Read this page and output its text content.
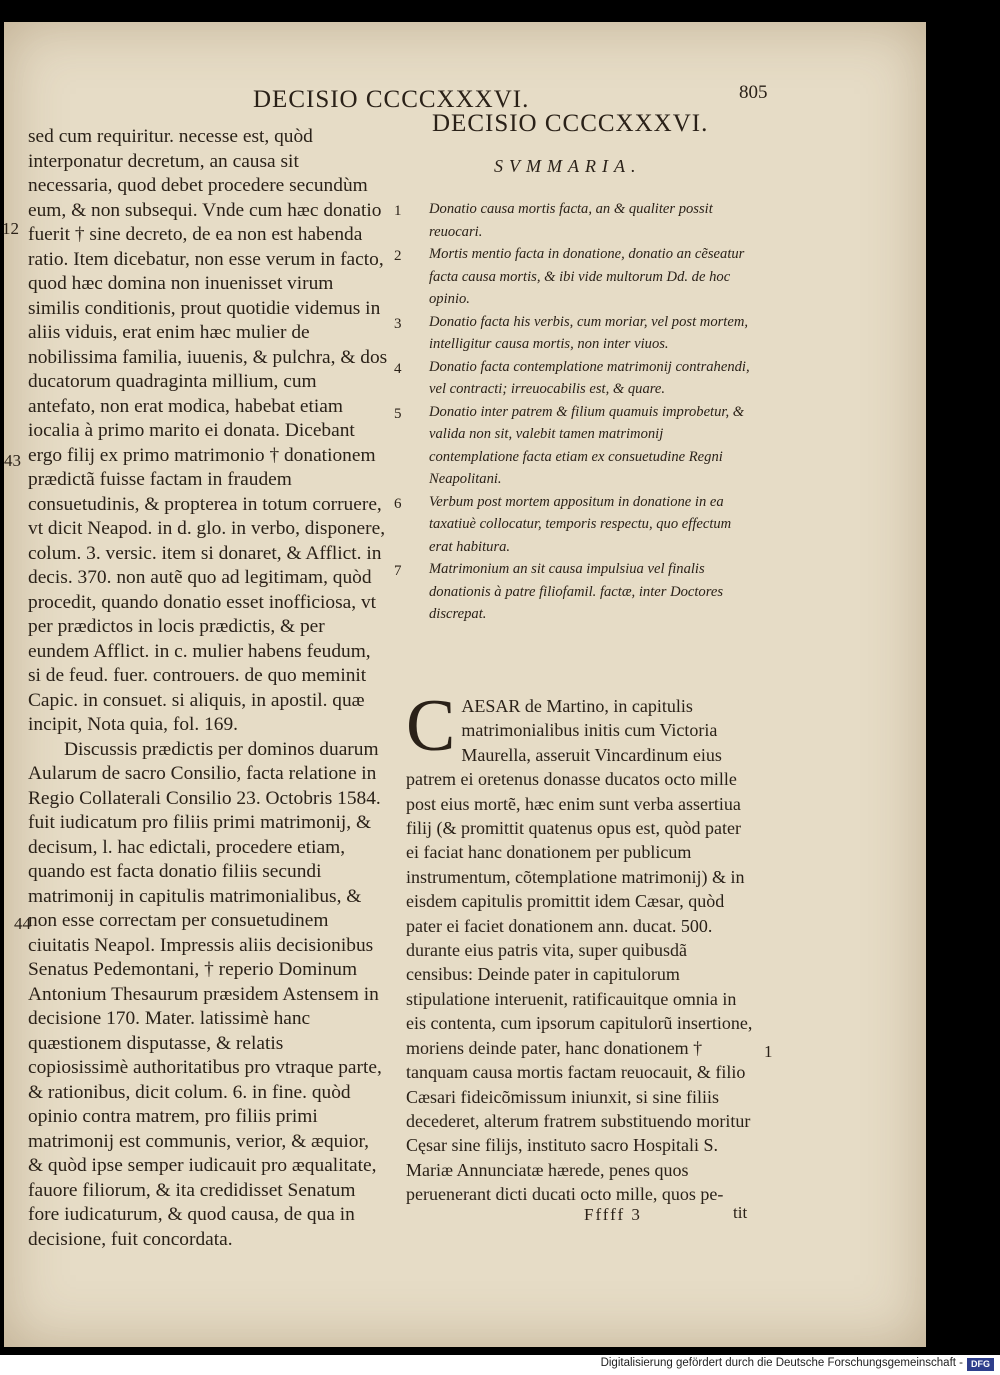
DECISIO CCCCXXXVI.
DECISIO CCCCXXXVI.
805

sed cum requiritur. necesse est, quòd interponatur decretum, an causa sit necessaria, quod debet procedere secundùm eum, & non subsequi. Vnde cum hæc donatio fuerit † sine decreto, de ea non est habenda ratio. Item dicebatur, non esse verum in facto, quod hæc domina non inuenisset virum similis conditionis, prout quotidie videmus in aliis viduis, erat enim hæc mulier de nobilissima familia, iuuenis, & pulchra, & dos ducatorum quadraginta millium, cum antefato, non erat modica, habebat etiam iocalia à primo marito ei donata. Dicebant ergo filij ex primo matrimonio † donationem prædictã fuisse factam in fraudem consuetudinis, & propterea in totum corruere, vt dicit Neapod. in d. glo. in verbo, disponere, colum. 3. versic. item si donaret, & Afflict. in decis. 370. non autẽ quo ad legitimam, quòd procedit, quando donatio esset inofficiosa, vt per prædictos in locis prædictis, & per eundem Afflict. in c. mulier habens feudum, si de feud. fuer. controuers. de quo meminit Capic. in consuet. si aliquis, in apostil. quæ incipit, Nota quia, fol. 169.

Discussis prædictis per dominos duarum Aularum de sacro Consilio, facta relatione in Regio Collaterali Consilio 23. Octobris 1584. fuit iudicatum pro filiis primi matrimonij, & decisum, l. hac edictali, procedere etiam, quando est facta donatio filiis secundi matrimonij in capitulis matrimonialibus, & non esse correctam per consuetudinem ciuitatis Neapol. Impressis aliis decisionibus Senatus Pedemontani, † reperio Dominum Antonium Thesaurum præsidem Astensem in decisione 170. Mater. latissimè hanc quæstionem disputasse, & relatis copiosissimè authoritatibus pro vtraque parte, & rationibus, dicit colum. 6. in fine. quòd opinio contra matrem, pro filiis primi matrimonij est communis, verior, & æquior, & quòd ipse semper iudicauit pro æqualitate, fauore filiorum, & ita credidisset Senatum fore iudicaturum, & quod causa, de qua in decisione, fuit concordata.

12
43
44
SVMMARIA.
1 Donatio causa mortis facta, an & qualiter possit reuocari.
2 Mortis mentio facta in donatione, donatio an cẽseatur facta causa mortis, & ibi vide multorum Dd. de hoc opinio.
3 Donatio facta his verbis, cum moriar, vel post mortem, intelligitur causa mortis, non inter viuos.
4 Donatio facta contemplatione matrimonij contrahendi, vel contracti; irreuocabilis est, & quare.
5 Donatio inter patrem & filium quamuis improbetur, & valida non sit, valebit tamen matrimonij contemplatione facta etiam ex consuetudine Regni Neapolitani.
6 Verbum post mortem appositum in donatione in ea taxatiuè collocatur, temporis respectu, quo effectum erat habitura.
7 Matrimonium an sit causa impulsiua vel finalis donationis à patre filiofamil. factæ, inter Doctores discrepat.

CAESAR de Martino, in capitulis matrimonialibus initis cum Victoria Maurella, asseruit Vincardinum eius patrem ei oretenus donasse ducatos octo mille post eius mortẽ, hæc enim sunt verba assertiua filij (& promittit quatenus opus est, quòd pater ei faciat hanc donationem per publicum instrumentum, cõtemplatione matrimonij) & in eisdem capitulis promittit idem Cæsar, quòd pater ei faciet donationem ann. ducat. 500. durante eius patris vita, super quibusdã censibus: Deinde pater in capitulorum stipulatione interuenit, ratificauitque omnia in eis contenta, cum ipsorum capitulorũ insertione, moriens deinde pater, hanc donationem † tanquam causa mortis factam reuocauit, & filio Cæsari fideicõmissum iniunxit, si sine filiis decederet, alterum fratrem substituendo moritur Cęsar sine filijs, instituto sacro Hospitali S. Mariæ Annunciatæ hærede, penes quos peruenerant dicti ducati octo mille, quos pe-

1
Fffff 3	tit
Digitalisierung gefördert durch die Deutsche Forschungsgemeinschaft - DFG
